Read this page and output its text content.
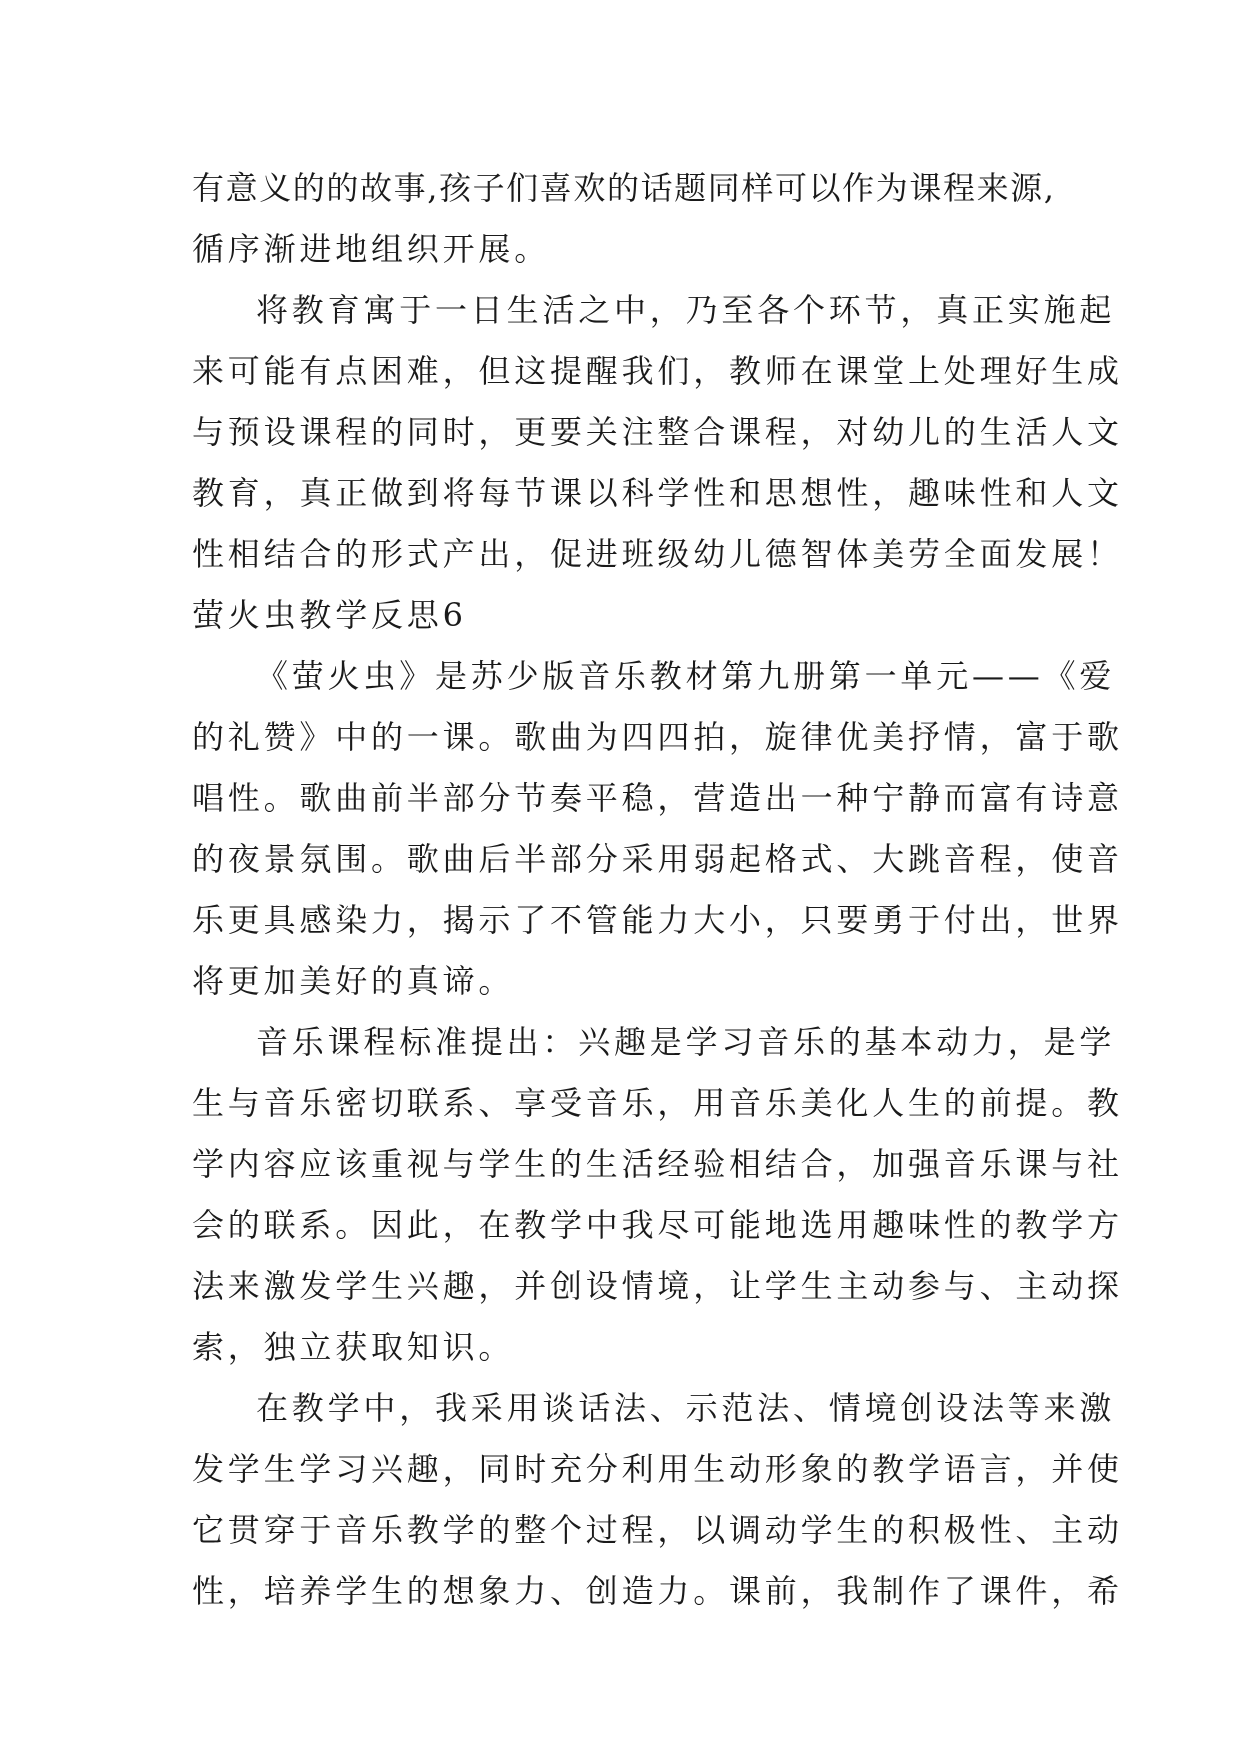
有意义的的故事,孩子们喜欢的话题同样可以作为课程来源,
循序渐进地组织开展。
将教育寓于一日生活之中，乃至各个环节，真正实施起
来可能有点困难，但这提醒我们，教师在课堂上处理好生成
与预设课程的同时，更要关注整合课程，对幼儿的生活人文
教育，真正做到将每节课以科学性和思想性，趣味性和人文
性相结合的形式产出，促进班级幼儿德智体美劳全面发展！
萤火虫教学反思6
《萤火虫》是苏少版音乐教材第九册第一单元——《爱
的礼赞》中的一课。歌曲为四四拍，旋律优美抒情，富于歌
唱性。歌曲前半部分节奏平稳，营造出一种宁静而富有诗意
的夜景氛围。歌曲后半部分采用弱起格式、大跳音程，使音
乐更具感染力，揭示了不管能力大小，只要勇于付出，世界
将更加美好的真谛。
音乐课程标准提出：兴趣是学习音乐的基本动力，是学
生与音乐密切联系、享受音乐，用音乐美化人生的前提。教
学内容应该重视与学生的生活经验相结合，加强音乐课与社
会的联系。因此，在教学中我尽可能地选用趣味性的教学方
法来激发学生兴趣，并创设情境，让学生主动参与、主动探
索，独立获取知识。
在教学中，我采用谈话法、示范法、情境创设法等来激
发学生学习兴趣，同时充分利用生动形象的教学语言，并使
它贯穿于音乐教学的整个过程，以调动学生的积极性、主动
性，培养学生的想象力、创造力。课前，我制作了课件，希
